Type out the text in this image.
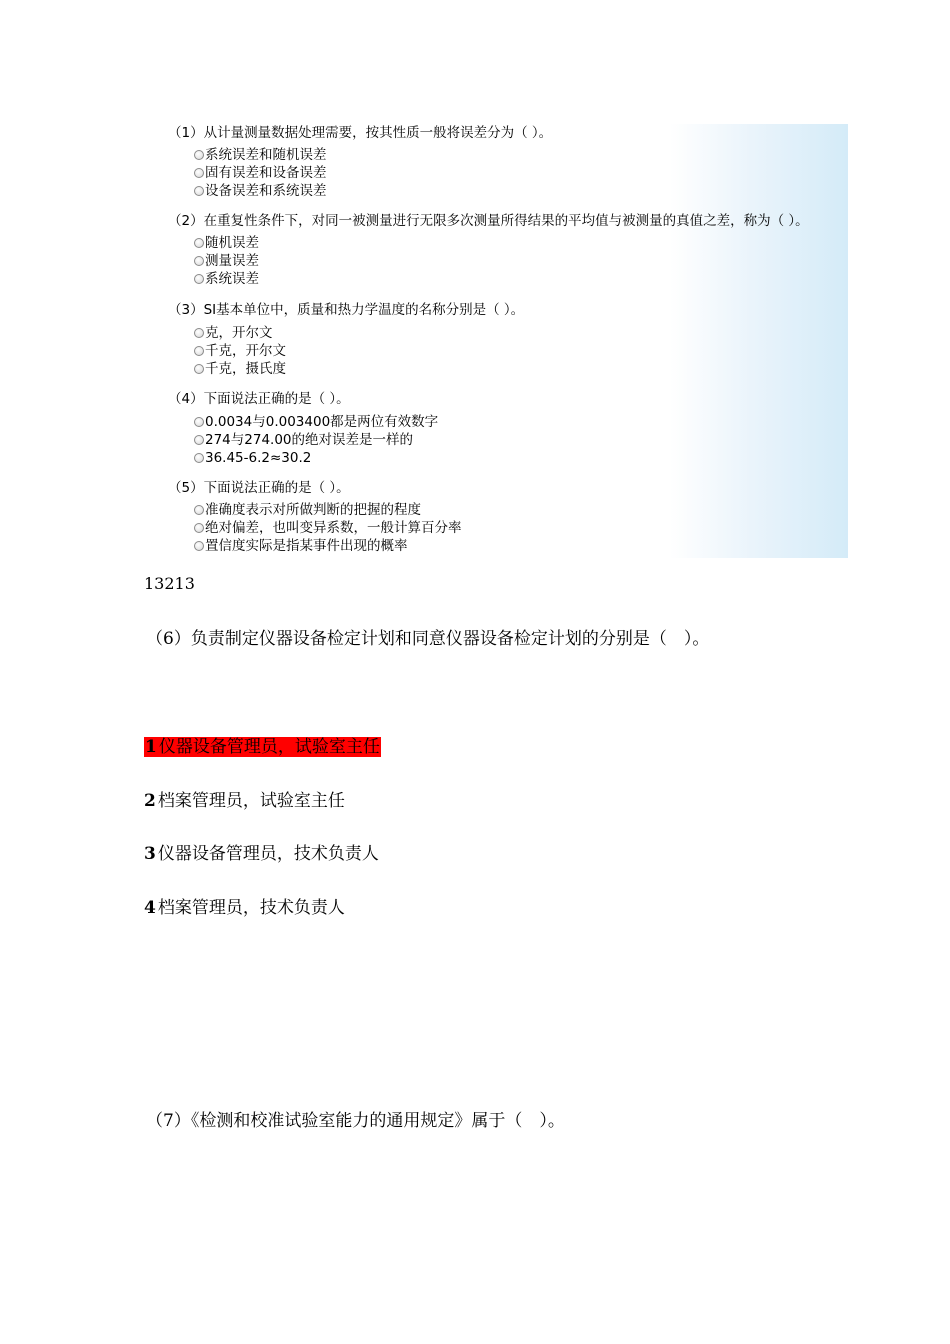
（1）从计量测量数据处理需要，按其性质一般将误差分为（ ）。
系统误差和随机误差
固有误差和设备误差
设备误差和系统误差
（2）在重复性条件下，对同一被测量进行无限多次测量所得结果的平均值与被测量的真值之差，称为（ ）。
随机误差
测量误差
系统误差
（3）SI基本单位中，质量和热力学温度的名称分别是（ ）。
克，开尔文
千克，开尔文
千克，摄氏度
（4）下面说法正确的是（ ）。
0.0034与0.003400都是两位有效数字
274与274.00的绝对误差是一样的
36.45-6.2≈30.2
（5）下面说法正确的是（ ）。
准确度表示对所做判断的把握的程度
绝对偏差，也叫变异系数，一般计算百分率
置信度实际是指某事件出现的概率
13213
（6）负责制定仪器设备检定计划和同意仪器设备检定计划的分别是（　）。
1 仪器设备管理员，试验室主任
2 档案管理员，试验室主任
3 仪器设备管理员，技术负责人
4 档案管理员，技术负责人
（7）《检测和校准试验室能力的通用规定》属于（　）。
